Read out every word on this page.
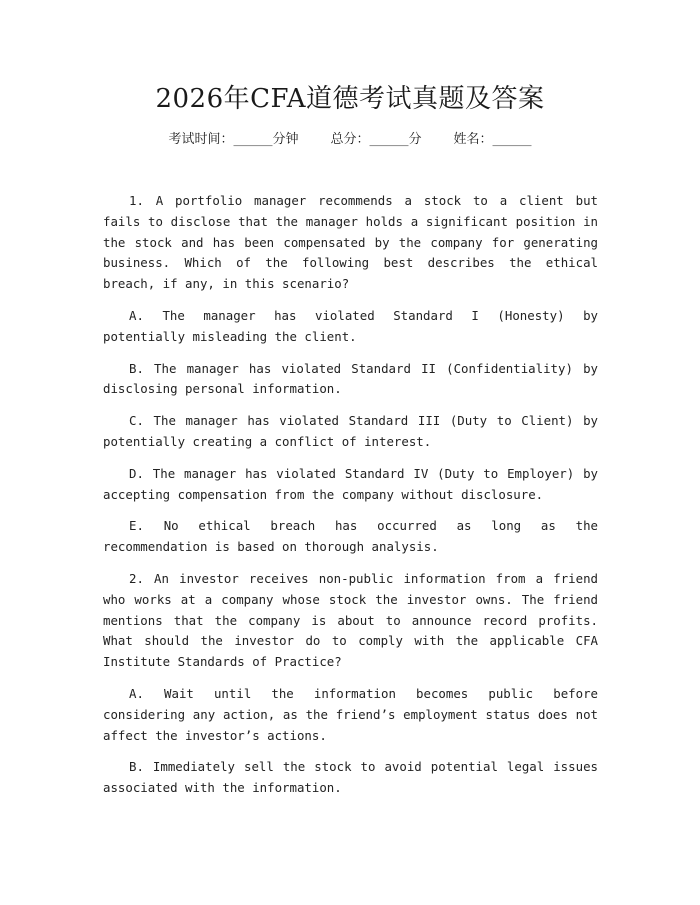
2026年CFA道德考试真题及答案
考试时间：______分钟 总分：______分 姓名：______

1. A portfolio manager recommends a stock to a client but fails to disclose that the manager holds a significant position in the stock and has been compensated by the company for generating business. Which of the following best describes the ethical breach, if any, in this scenario?

A. The manager has violated Standard I (Honesty) by potentially misleading the client.

B. The manager has violated Standard II (Confidentiality) by disclosing personal information.

C. The manager has violated Standard III (Duty to Client) by potentially creating a conflict of interest.

D. The manager has violated Standard IV (Duty to Employer) by accepting compensation from the company without disclosure.

E. No ethical breach has occurred as long as the recommendation is based on thorough analysis.

2. An investor receives non-public information from a friend who works at a company whose stock the investor owns. The friend mentions that the company is about to announce record profits. What should the investor do to comply with the applicable CFA Institute Standards of Practice?

A. Wait until the information becomes public before considering any action, as the friend’s employment status does not affect the investor’s actions.

B. Immediately sell the stock to avoid potential legal issues associated with the information.
